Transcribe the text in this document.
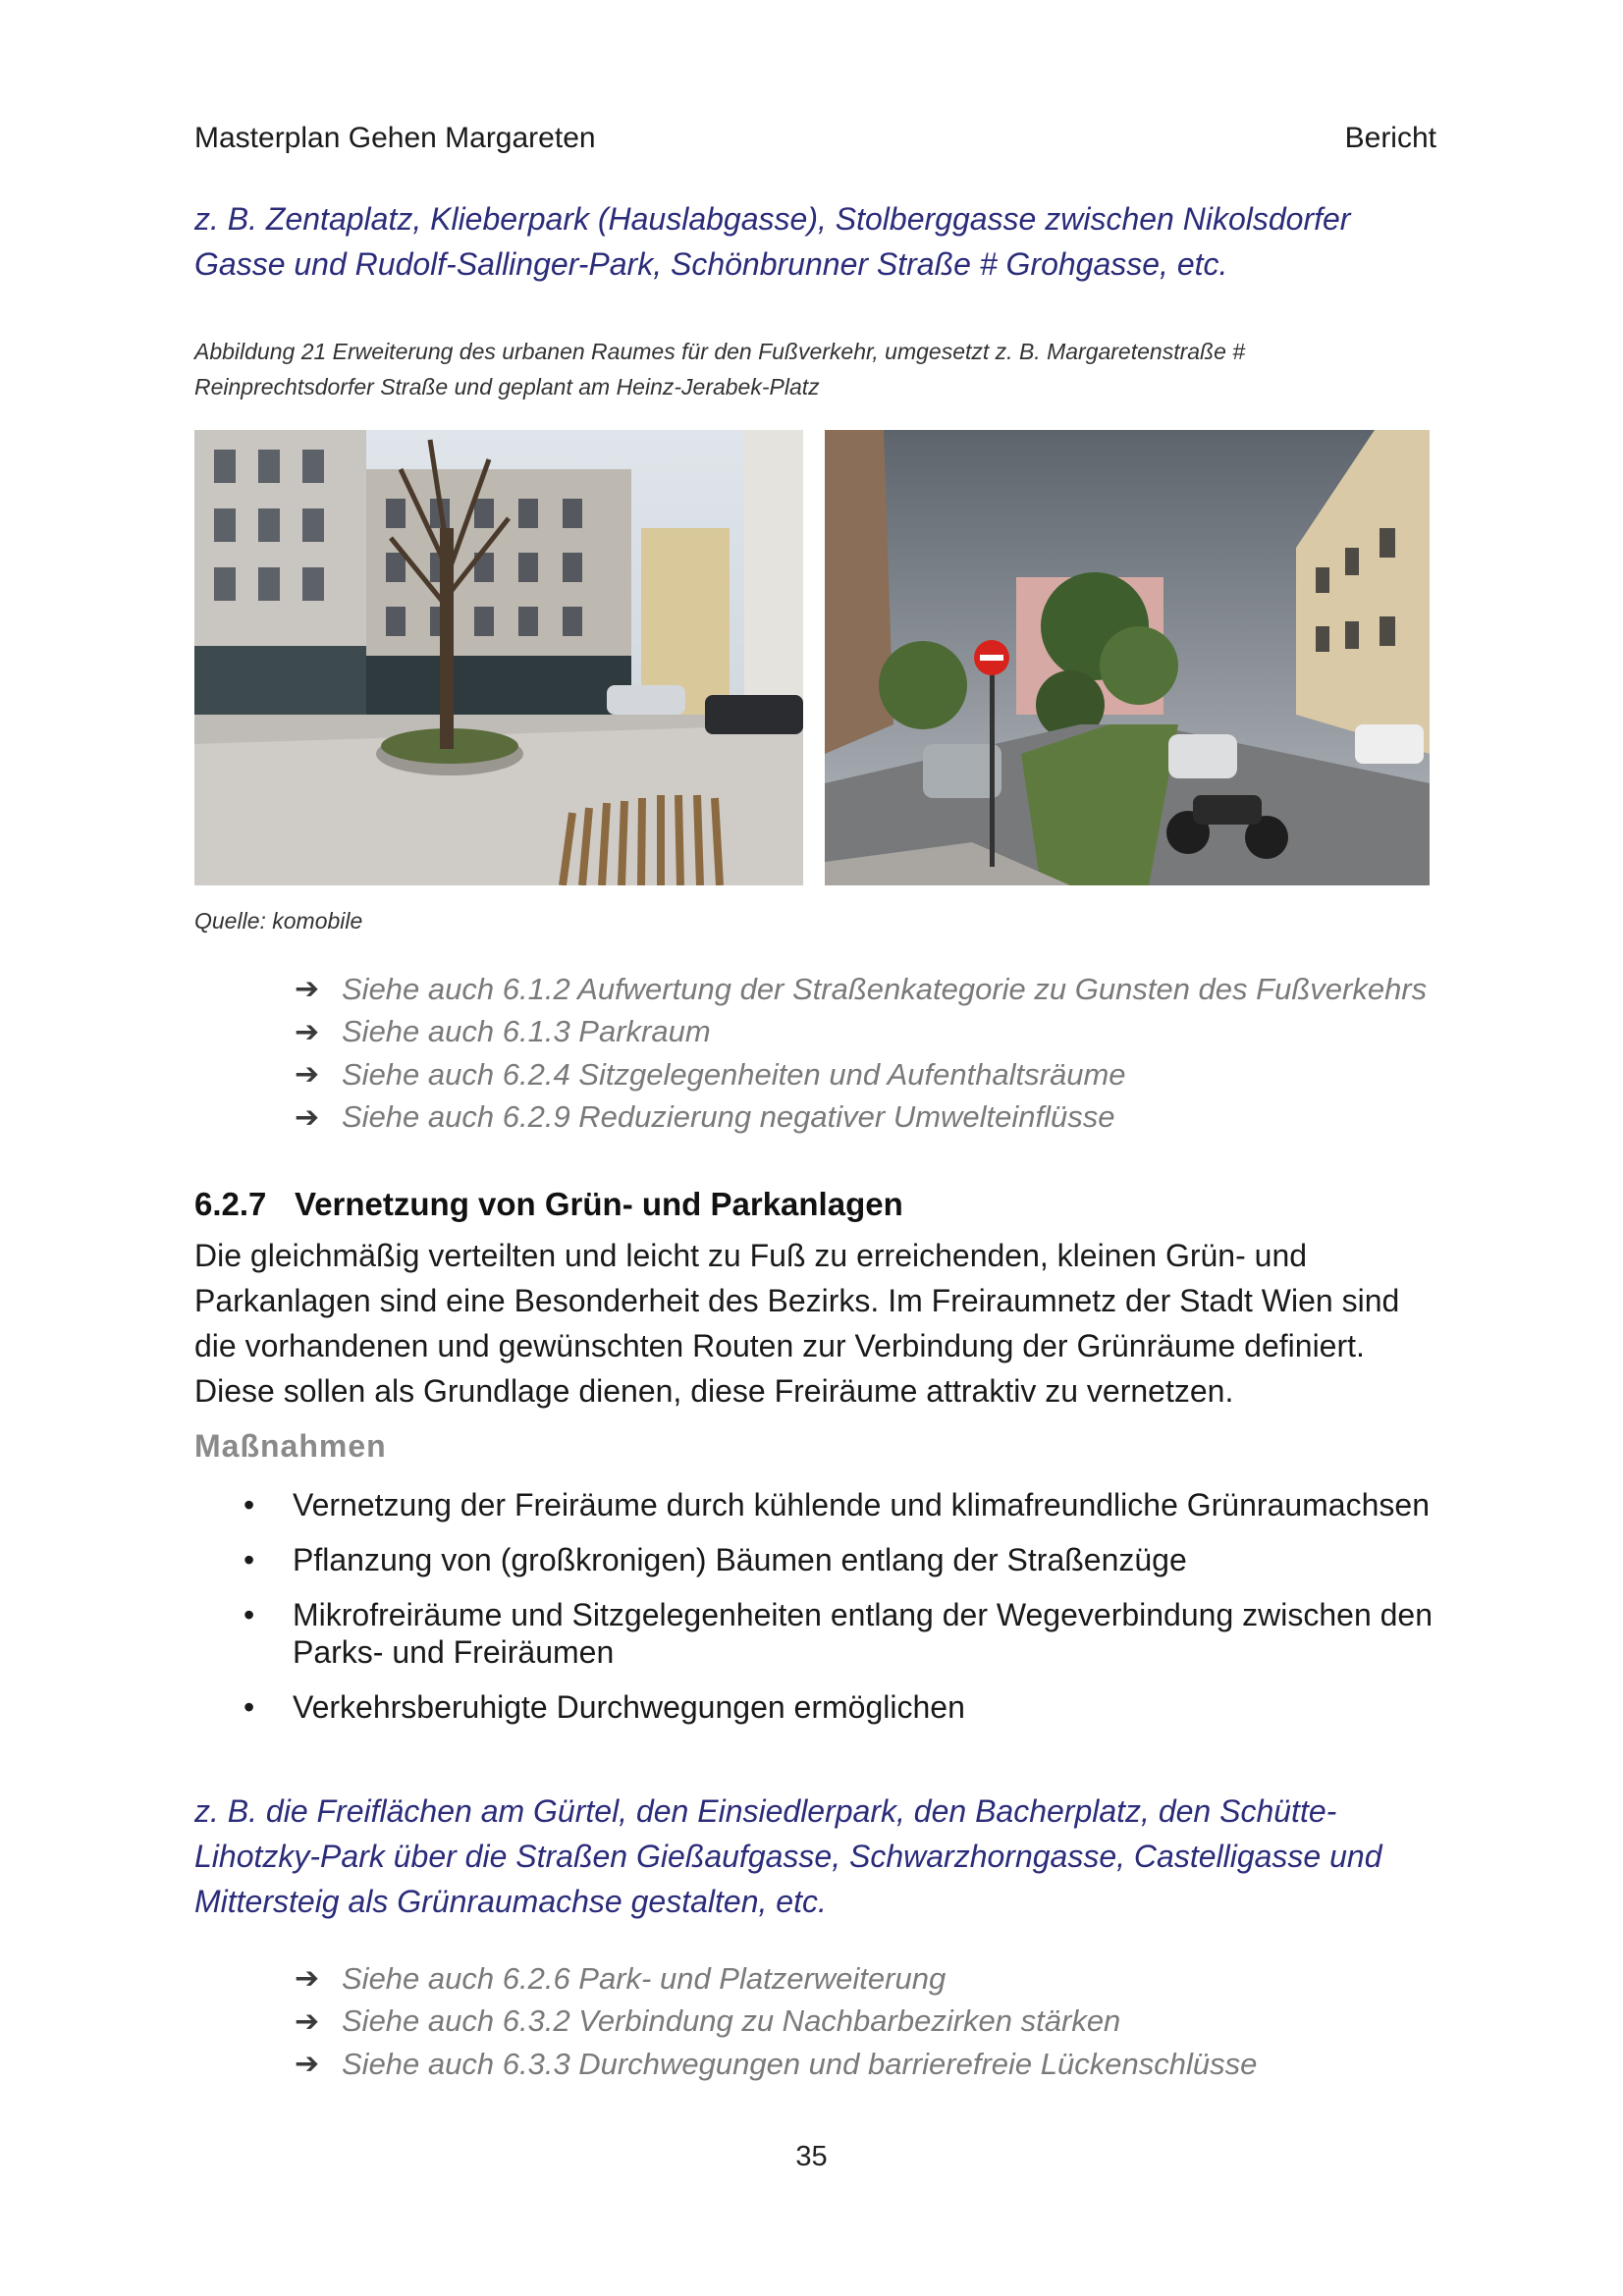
Masterplan Gehen Margareten	Bericht
z. B. Zentaplatz, Klieberpark (Hauslabgasse), Stolberggasse zwischen Nikolsdorfer Gasse und Rudolf-Sallinger-Park, Schönbrunner Straße # Grohgasse, etc.
Abbildung 21 Erweiterung des urbanen Raumes für den Fußverkehr, umgesetzt z. B. Margaretenstraße #
Reinprechtsdorfer Straße und geplant am Heinz-Jerabek-Platz
Quelle: komobile
➔ Siehe auch 6.1.2 Aufwertung der Straßenkategorie zu Gunsten des Fußverkehrs
➔ Siehe auch 6.1.3 Parkraum
➔ Siehe auch 6.2.4 Sitzgelegenheiten und Aufenthaltsräume
➔ Siehe auch 6.2.9 Reduzierung negativer Umwelteinflüsse
6.2.7 Vernetzung von Grün- und Parkanlagen
Die gleichmäßig verteilten und leicht zu Fuß zu erreichenden, kleinen Grün- und Parkanlagen sind eine Besonderheit des Bezirks. Im Freiraumnetz der Stadt Wien sind die vorhandenen und gewünschten Routen zur Verbindung der Grünräume definiert. Diese sollen als Grundlage dienen, diese Freiräume attraktiv zu vernetzen.
Maßnahmen
• Vernetzung der Freiräume durch kühlende und klimafreundliche Grünraumachsen
• Pflanzung von (großkronigen) Bäumen entlang der Straßenzüge
• Mikrofreiräume und Sitzgelegenheiten entlang der Wegeverbindung zwischen den Parks- und Freiräumen
• Verkehrsberuhigte Durchwegungen ermöglichen
z. B. die Freiflächen am Gürtel, den Einsiedlerpark, den Bacherplatz, den Schütte-Lihotzky-Park über die Straßen Gießaufgasse, Schwarzhorngasse, Castelligasse und Mittersteig als Grünraumachse gestalten, etc.
➔ Siehe auch 6.2.6 Park- und Platzerweiterung
➔ Siehe auch 6.3.2 Verbindung zu Nachbarbezirken stärken
➔ Siehe auch 6.3.3 Durchwegungen und barrierefreie Lückenschlüsse
35
